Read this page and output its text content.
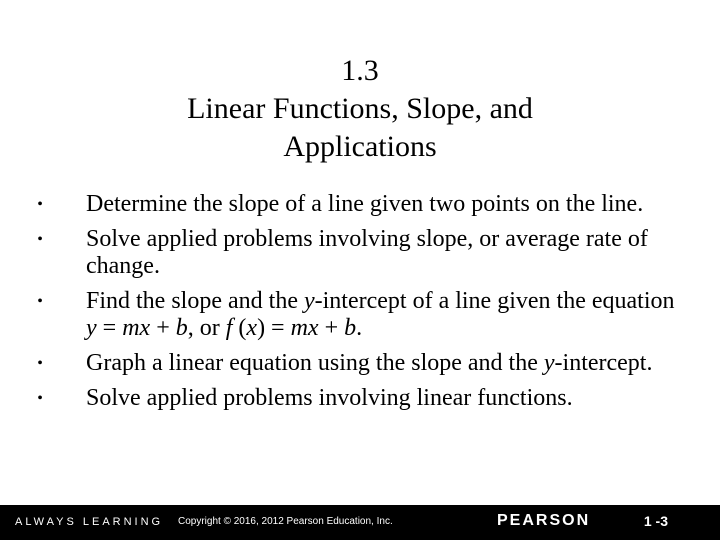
1.3
Linear Functions, Slope, and
Applications
•	Determine the slope of a line given two points on the line.
•	Solve applied problems involving slope, or average rate of change.
•	Find the slope and the y-intercept of a line given the equation y = mx + b, or f (x) = mx + b.
•	Graph a linear equation using the slope and the y-intercept.
•	Solve applied problems involving linear functions.
ALWAYS LEARNING Copyright © 2016, 2012 Pearson Education, Inc.	PEARSON	1 -3
